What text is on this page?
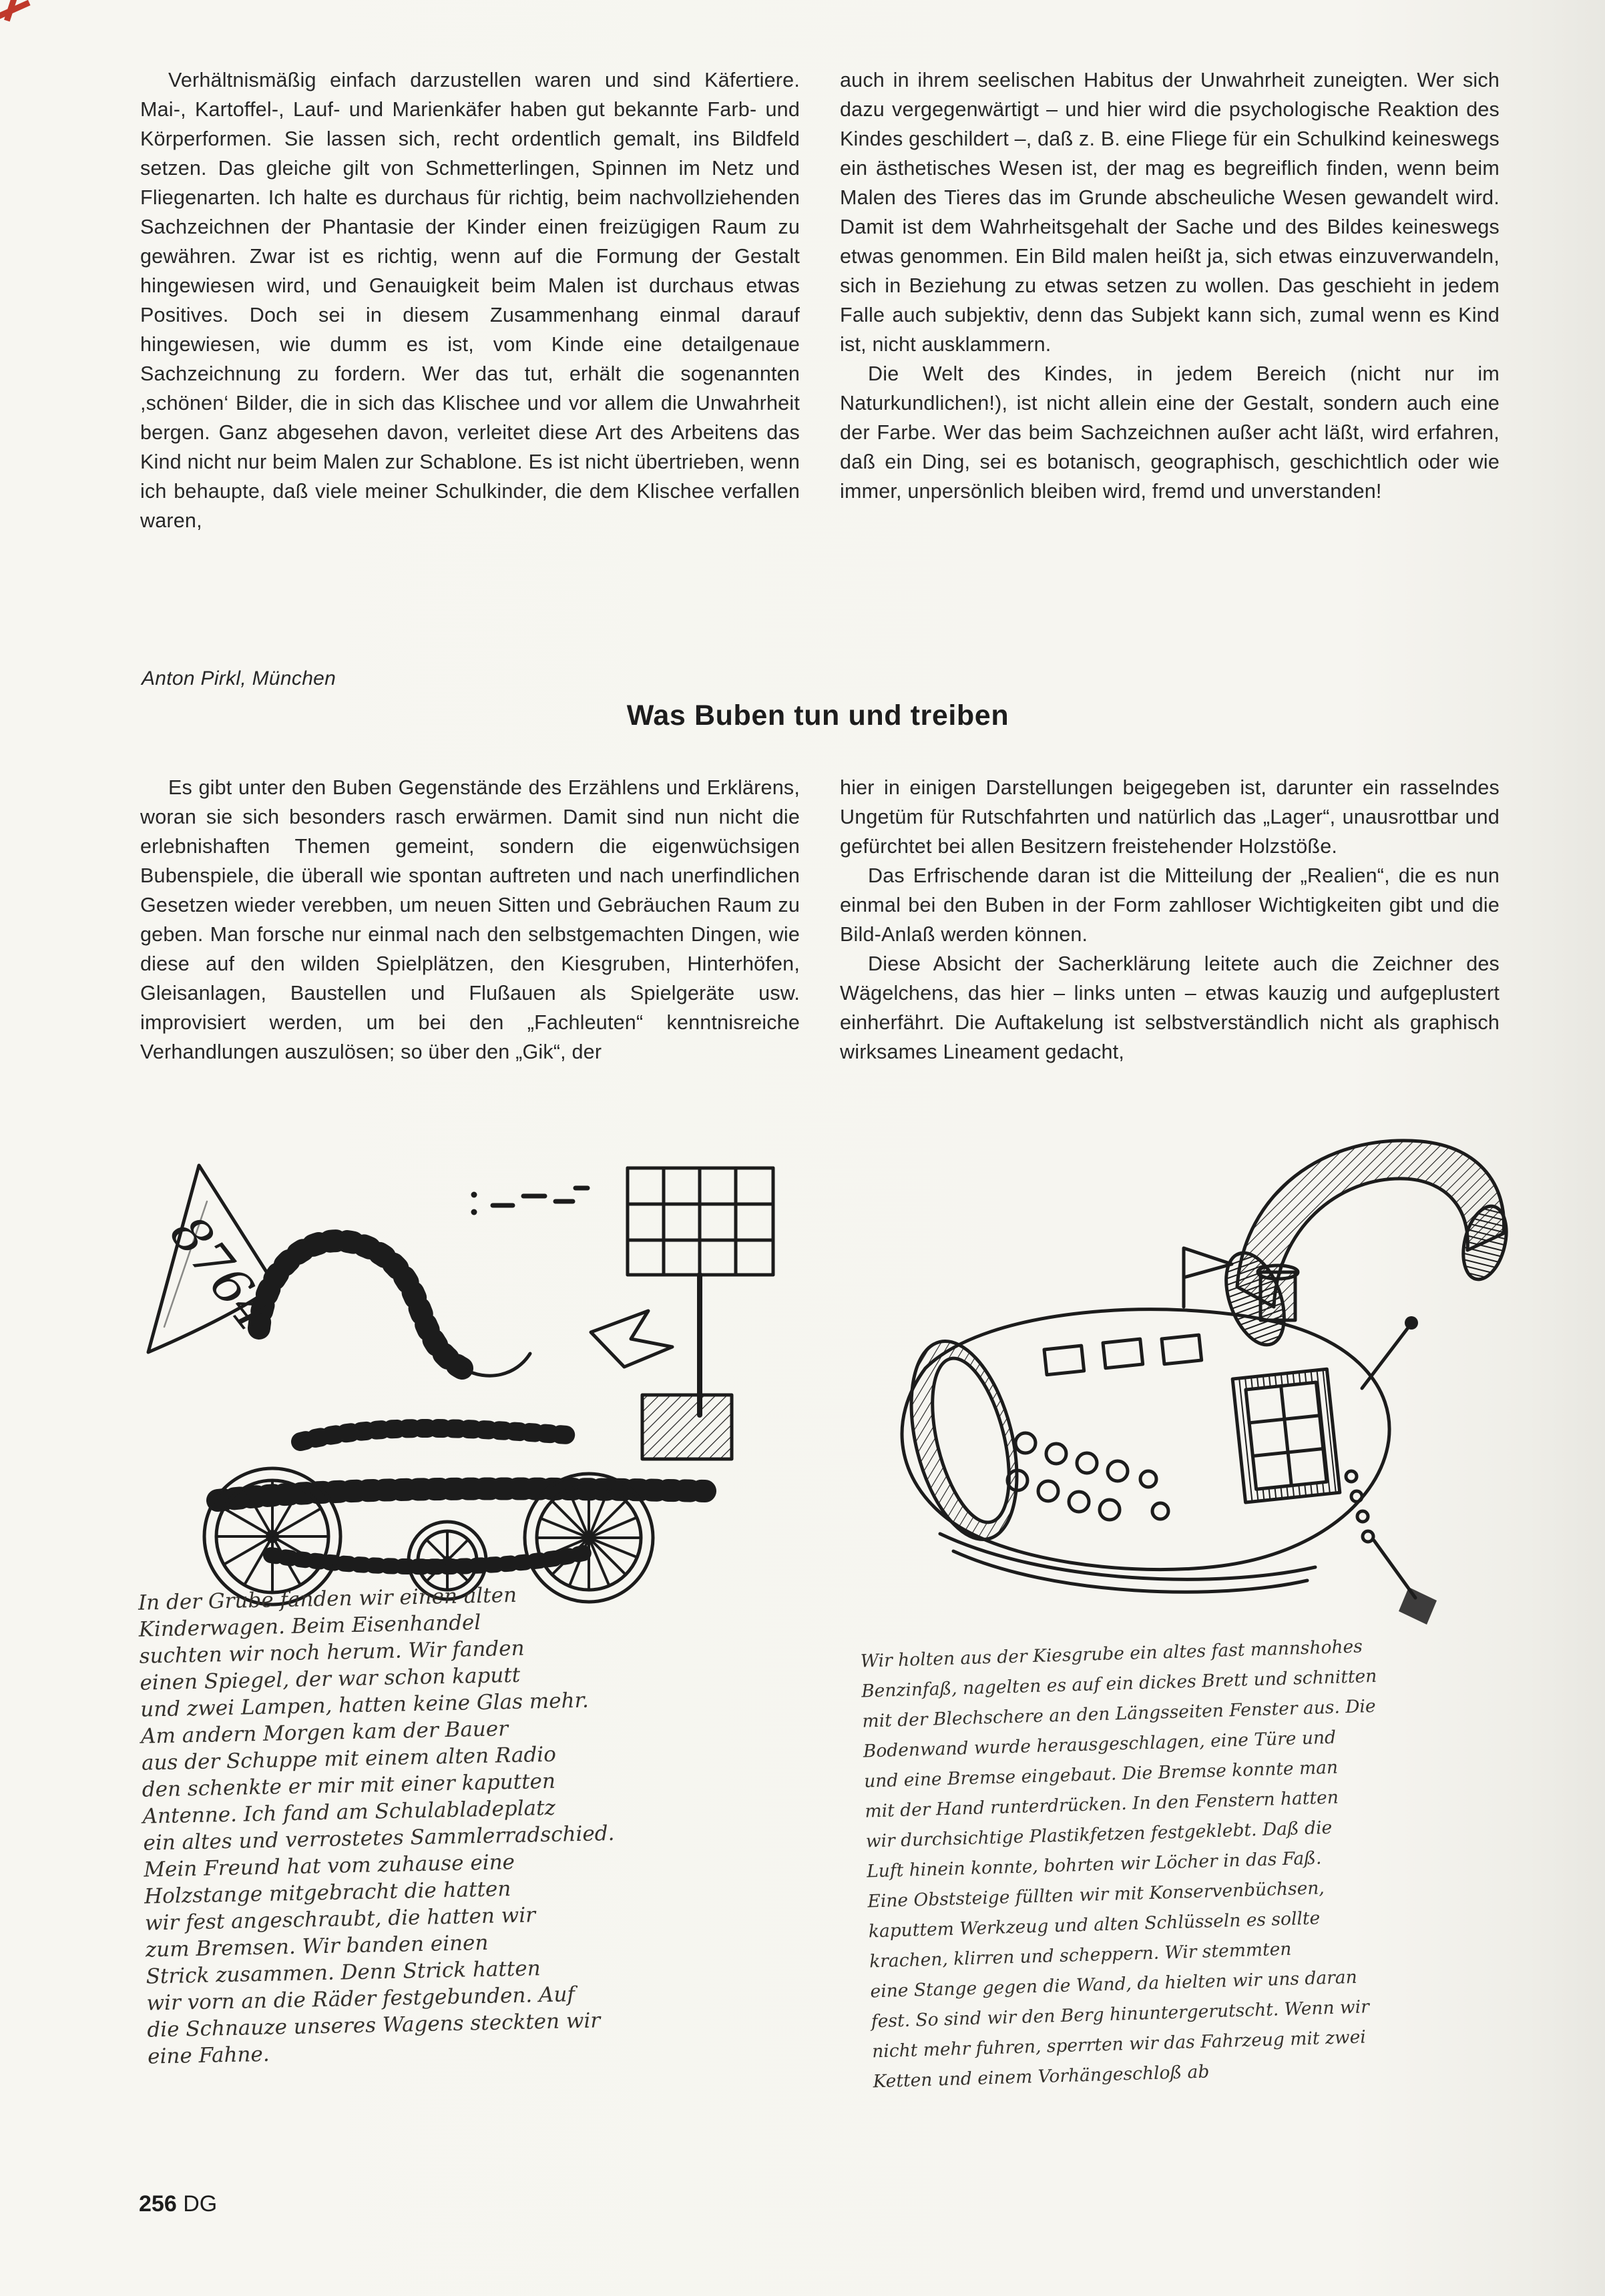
Verhältnismäßig einfach darzustellen waren und sind Käfertiere. Mai-, Kartoffel-, Lauf- und Marienkäfer haben gut bekannte Farb- und Körperformen. Sie lassen sich, recht ordentlich gemalt, ins Bildfeld setzen. Das gleiche gilt von Schmetterlingen, Spinnen im Netz und Fliegenarten. Ich halte es durchaus für richtig, beim nachvollziehenden Sachzeichnen der Phantasie der Kinder einen freizügigen Raum zu gewähren. Zwar ist es richtig, wenn auf die Formung der Gestalt hingewiesen wird, und Genauigkeit beim Malen ist durchaus etwas Positives. Doch sei in diesem Zusammenhang einmal darauf hingewiesen, wie dumm es ist, vom Kinde eine detailgenaue Sachzeichnung zu fordern. Wer das tut, erhält die sogenannten ,schönen‘ Bilder, die in sich das Klischee und vor allem die Unwahrheit bergen. Ganz abgesehen davon, verleitet diese Art des Arbeitens das Kind nicht nur beim Malen zur Schablone. Es ist nicht übertrieben, wenn ich behaupte, daß viele meiner Schulkinder, die dem Klischee verfallen waren,

auch in ihrem seelischen Habitus der Unwahrheit zuneigten. Wer sich dazu vergegenwärtigt – und hier wird die psychologische Reaktion des Kindes geschildert –, daß z. B. eine Fliege für ein Schulkind keineswegs ein ästhetisches Wesen ist, der mag es begreiflich finden, wenn beim Malen des Tieres das im Grunde abscheuliche Wesen gewandelt wird. Damit ist dem Wahrheitsgehalt der Sache und des Bildes keineswegs etwas genommen. Ein Bild malen heißt ja, sich etwas einzuverwandeln, sich in Beziehung zu etwas setzen zu wollen. Das geschieht in jedem Falle auch subjektiv, denn das Subjekt kann sich, zumal wenn es Kind ist, nicht ausklammern.

Die Welt des Kindes, in jedem Bereich (nicht nur im Naturkundlichen!), ist nicht allein eine der Gestalt, sondern auch eine der Farbe. Wer das beim Sachzeichnen außer acht läßt, wird erfahren, daß ein Ding, sei es botanisch, geographisch, geschichtlich oder wie immer, unpersönlich bleiben wird, fremd und unverstanden!

Anton Pirkl, München
Was Buben tun und treiben

Es gibt unter den Buben Gegenstände des Erzählens und Erklärens, woran sie sich besonders rasch erwärmen. Damit sind nun nicht die erlebnishaften Themen gemeint, sondern die eigenwüchsigen Bubenspiele, die überall wie spontan auftreten und nach unerfindlichen Gesetzen wieder verebben, um neuen Sitten und Gebräuchen Raum zu geben. Man forsche nur einmal nach den selbstgemachten Dingen, wie diese auf den wilden Spielplätzen, den Kiesgruben, Hinterhöfen, Gleisanlagen, Baustellen und Flußauen als Spielgeräte usw. improvisiert werden, um bei den „Fachleuten“ kenntnisreiche Verhandlungen auszulösen; so über den „Gik“, der

hier in einigen Darstellungen beigegeben ist, darunter ein rasselndes Ungetüm für Rutschfahrten und natürlich das „Lager“, unausrottbar und gefürchtet bei allen Besitzern freistehender Holzstöße.

Das Erfrischende daran ist die Mitteilung der „Realien“, die es nun einmal bei den Buben in der Form zahlloser Wichtigkeiten gibt und die Bild-Anlaß werden können.

Diese Absicht der Sacherklärung leitete auch die Zeichner des Wägelchens, das hier – links unten – etwas kauzig und aufgeplustert einherfährt. Die Auftakelung ist selbstverständlich nicht als graphisch wirksames Lineament gedacht,

8764
In der Grube fanden wir einen alten
Kinderwagen. Beim Eisenhandel
suchten wir noch herum. Wir fanden
einen Spiegel, der war schon kaputt
und zwei Lampen, hatten keine Glas mehr.
Am andern Morgen kam der Bauer
aus der Schuppe mit einem alten Radio
den schenkte er mir mit einer kaputten
Antenne. Ich fand am Schulabladeplatz
ein altes und verrostetes Sammlerradschied.
Mein Freund hat vom zuhause eine
Holzstange mitgebracht die hatten
wir fest angeschraubt, die hatten wir
zum Bremsen. Wir banden einen
Strick zusammen. Denn Strick hatten
wir vorn an die Räder festgebunden. Auf
die Schnauze unseres Wagens steckten wir
eine Fahne.
Wir holten aus der Kiesgrube ein altes fast mannshohes
Benzinfaß, nagelten es auf ein dickes Brett und schnitten
mit der Blechschere an den Längsseiten Fenster aus. Die
Bodenwand wurde herausgeschlagen, eine Türe und
und eine Bremse eingebaut. Die Bremse konnte man
mit der Hand runterdrücken. In den Fenstern hatten
wir durchsichtige Plastikfetzen festgeklebt. Daß die
Luft hinein konnte, bohrten wir Löcher in das Faß.
Eine Obststeige füllten wir mit Konservenbüchsen,
kaputtem Werkzeug und alten Schlüsseln es sollte
krachen, klirren und scheppern. Wir stemmten
eine Stange gegen die Wand, da hielten wir uns daran
fest. So sind wir den Berg hinuntergerutscht. Wenn wir
nicht mehr fuhren, sperrten wir das Fahrzeug mit zwei
Ketten und einem Vorhängeschloß ab
256 DG
